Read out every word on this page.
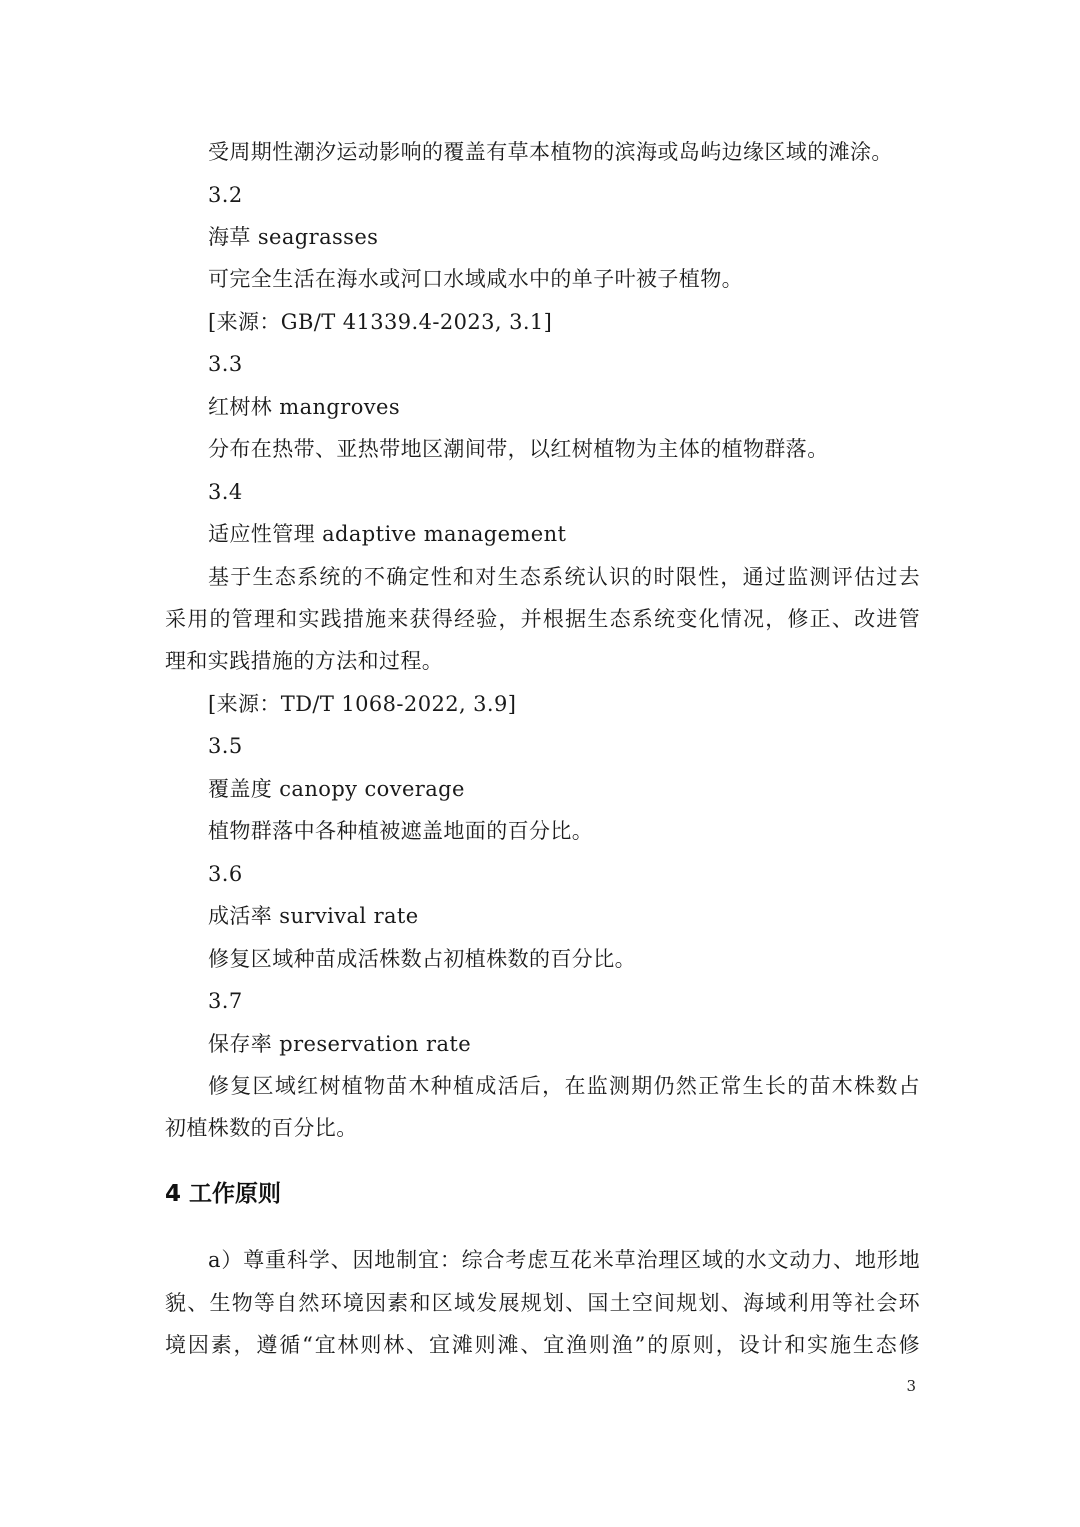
受周期性潮汐运动影响的覆盖有草本植物的滨海或岛屿边缘区域的滩涂。
3.2
海草 seagrasses
可完全生活在海水或河口水域咸水中的单子叶被子植物。
[来源：GB/T 41339.4-2023, 3.1]
3.3
红树林 mangroves
分布在热带、亚热带地区潮间带，以红树植物为主体的植物群落。
3.4
适应性管理 adaptive management
基于生态系统的不确定性和对生态系统认识的时限性，通过监测评估过去
采用的管理和实践措施来获得经验，并根据生态系统变化情况，修正、改进管
理和实践措施的方法和过程。
[来源：TD/T 1068-2022, 3.9]
3.5
覆盖度 canopy coverage
植物群落中各种植被遮盖地面的百分比。
3.6
成活率 survival rate
修复区域种苗成活株数占初植株数的百分比。
3.7
保存率 preservation rate
修复区域红树植物苗木种植成活后，在监测期仍然正常生长的苗木株数占
初植株数的百分比。
4 工作原则
a）尊重科学、因地制宜：综合考虑互花米草治理区域的水文动力、地形地
貌、生物等自然环境因素和区域发展规划、国土空间规划、海域利用等社会环
境因素，遵循“宜林则林、宜滩则滩、宜渔则渔”的原则，设计和实施生态修
3
